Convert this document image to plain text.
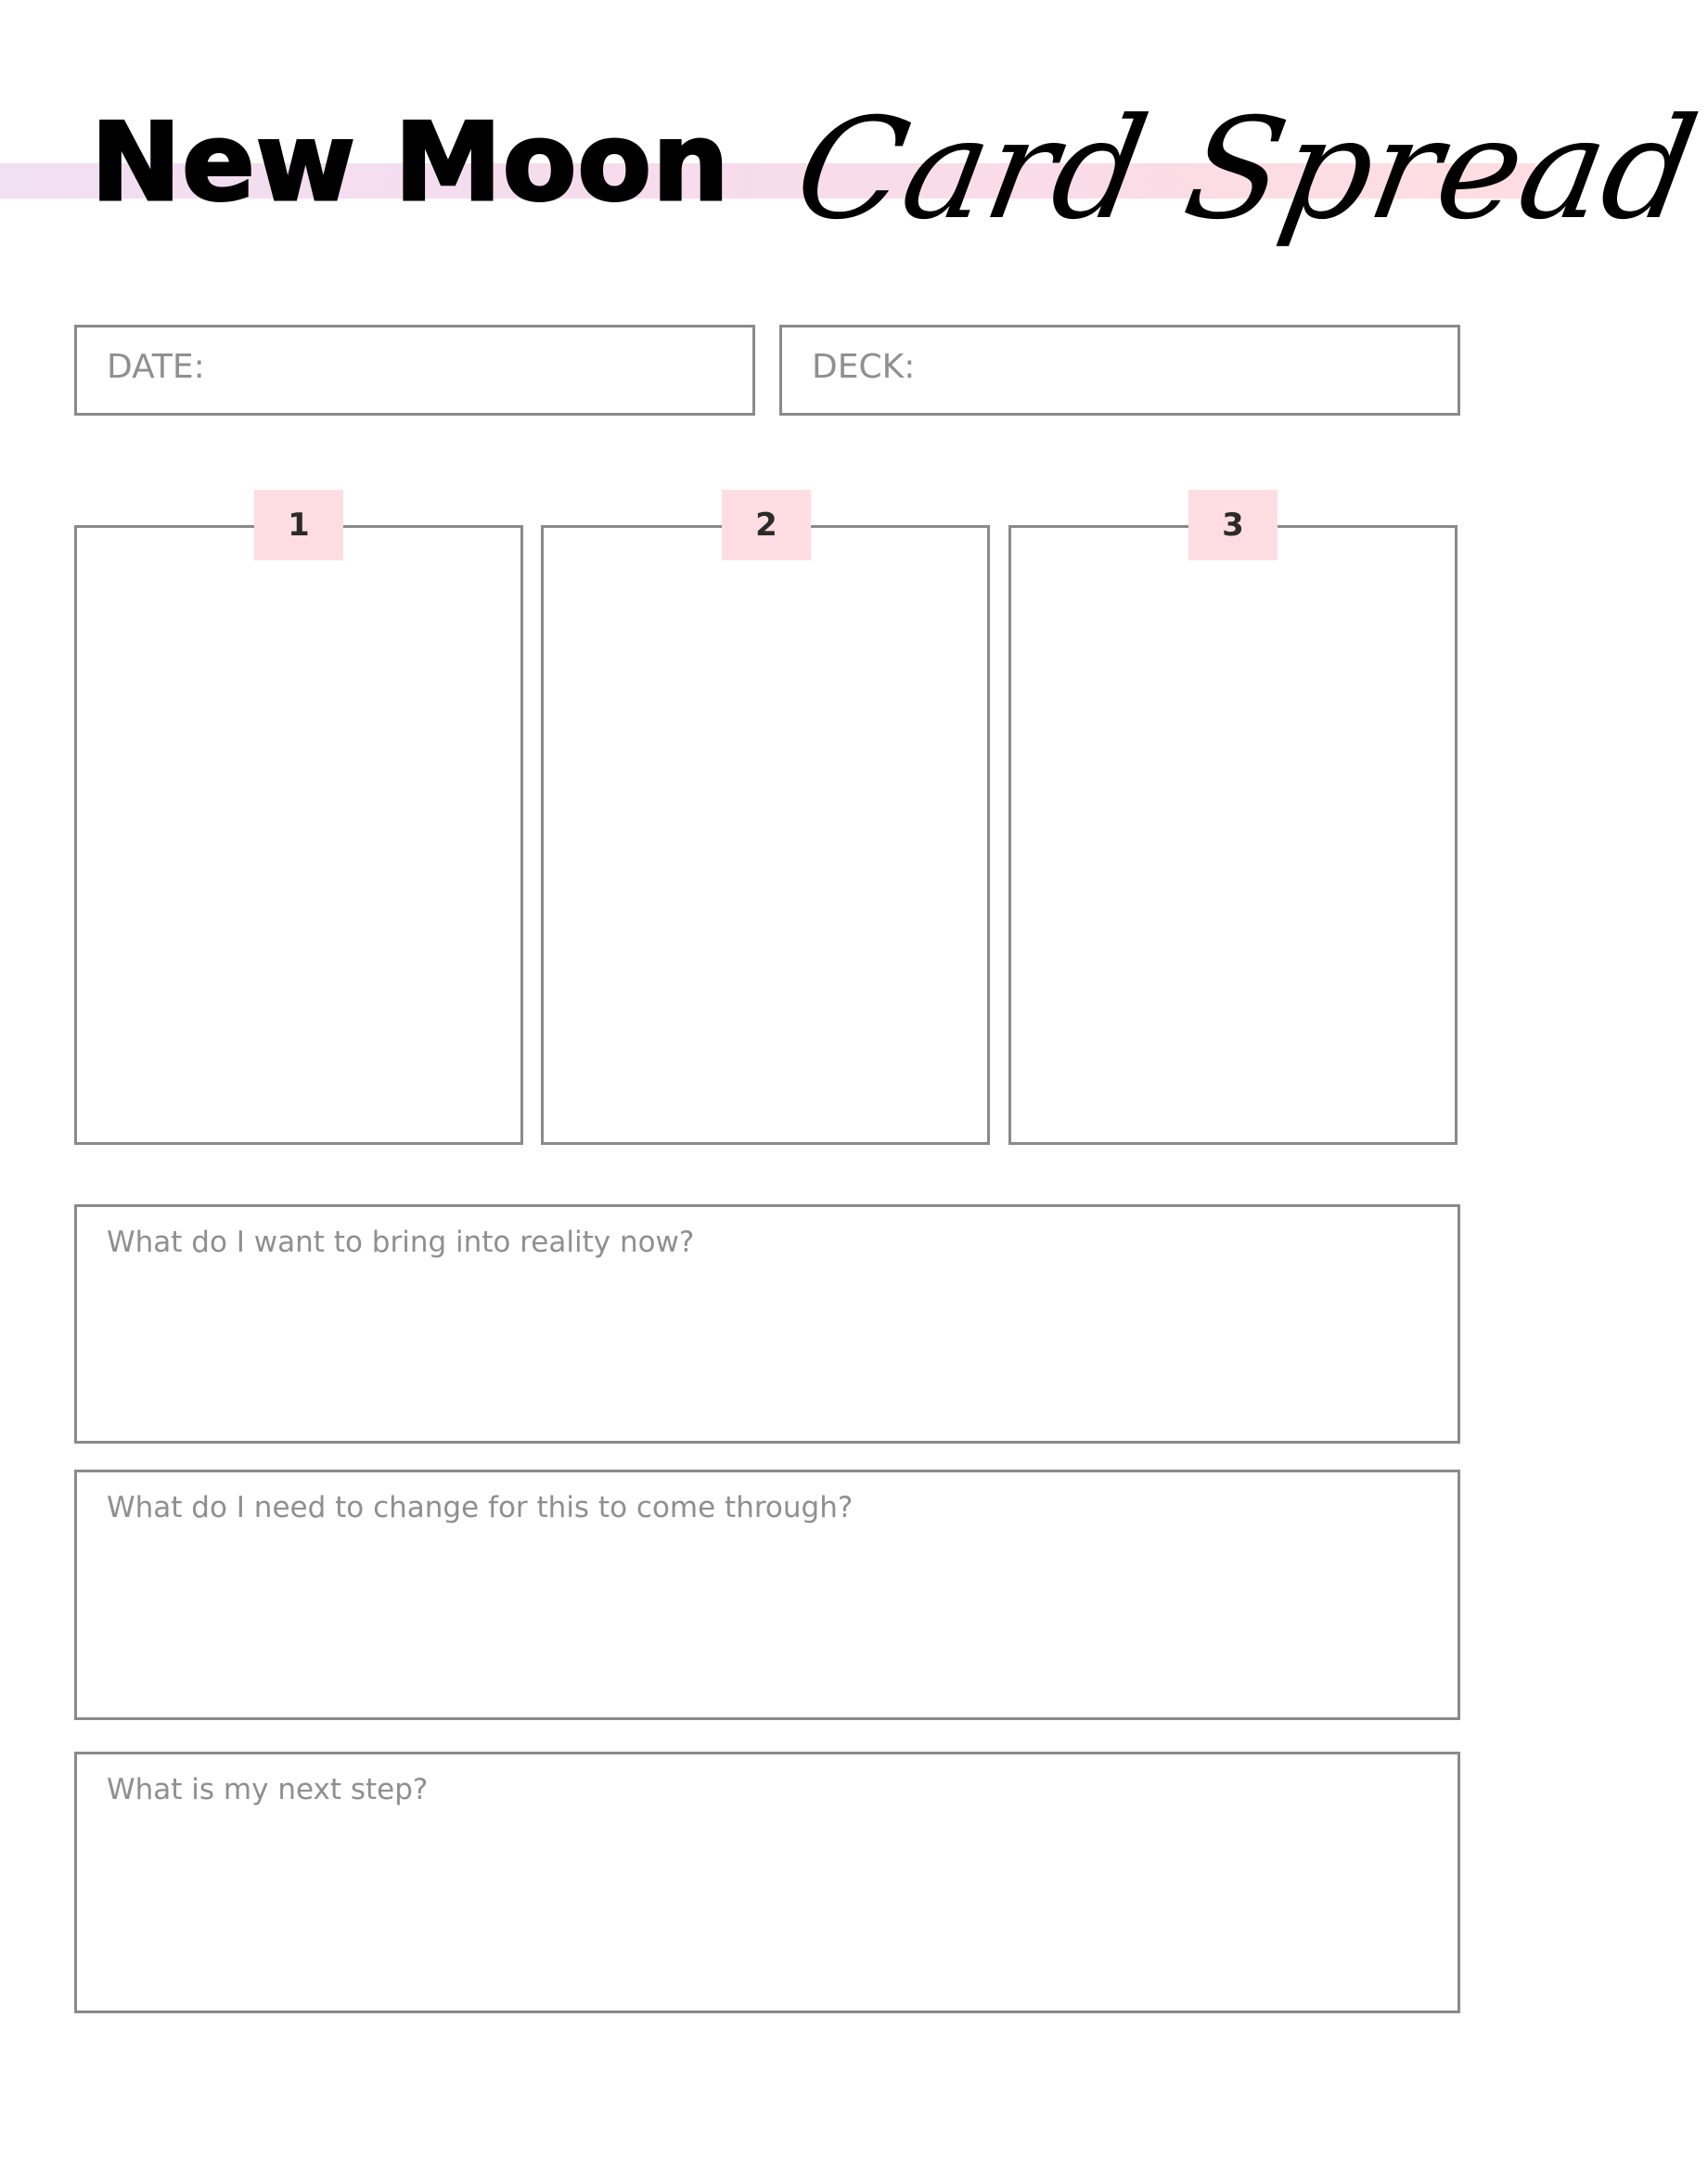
New Moon Card Spread
DATE:	DECK:
1	2	3
What do I want to bring into reality now?
What do I need to change for this to come through?
What is my next step?
